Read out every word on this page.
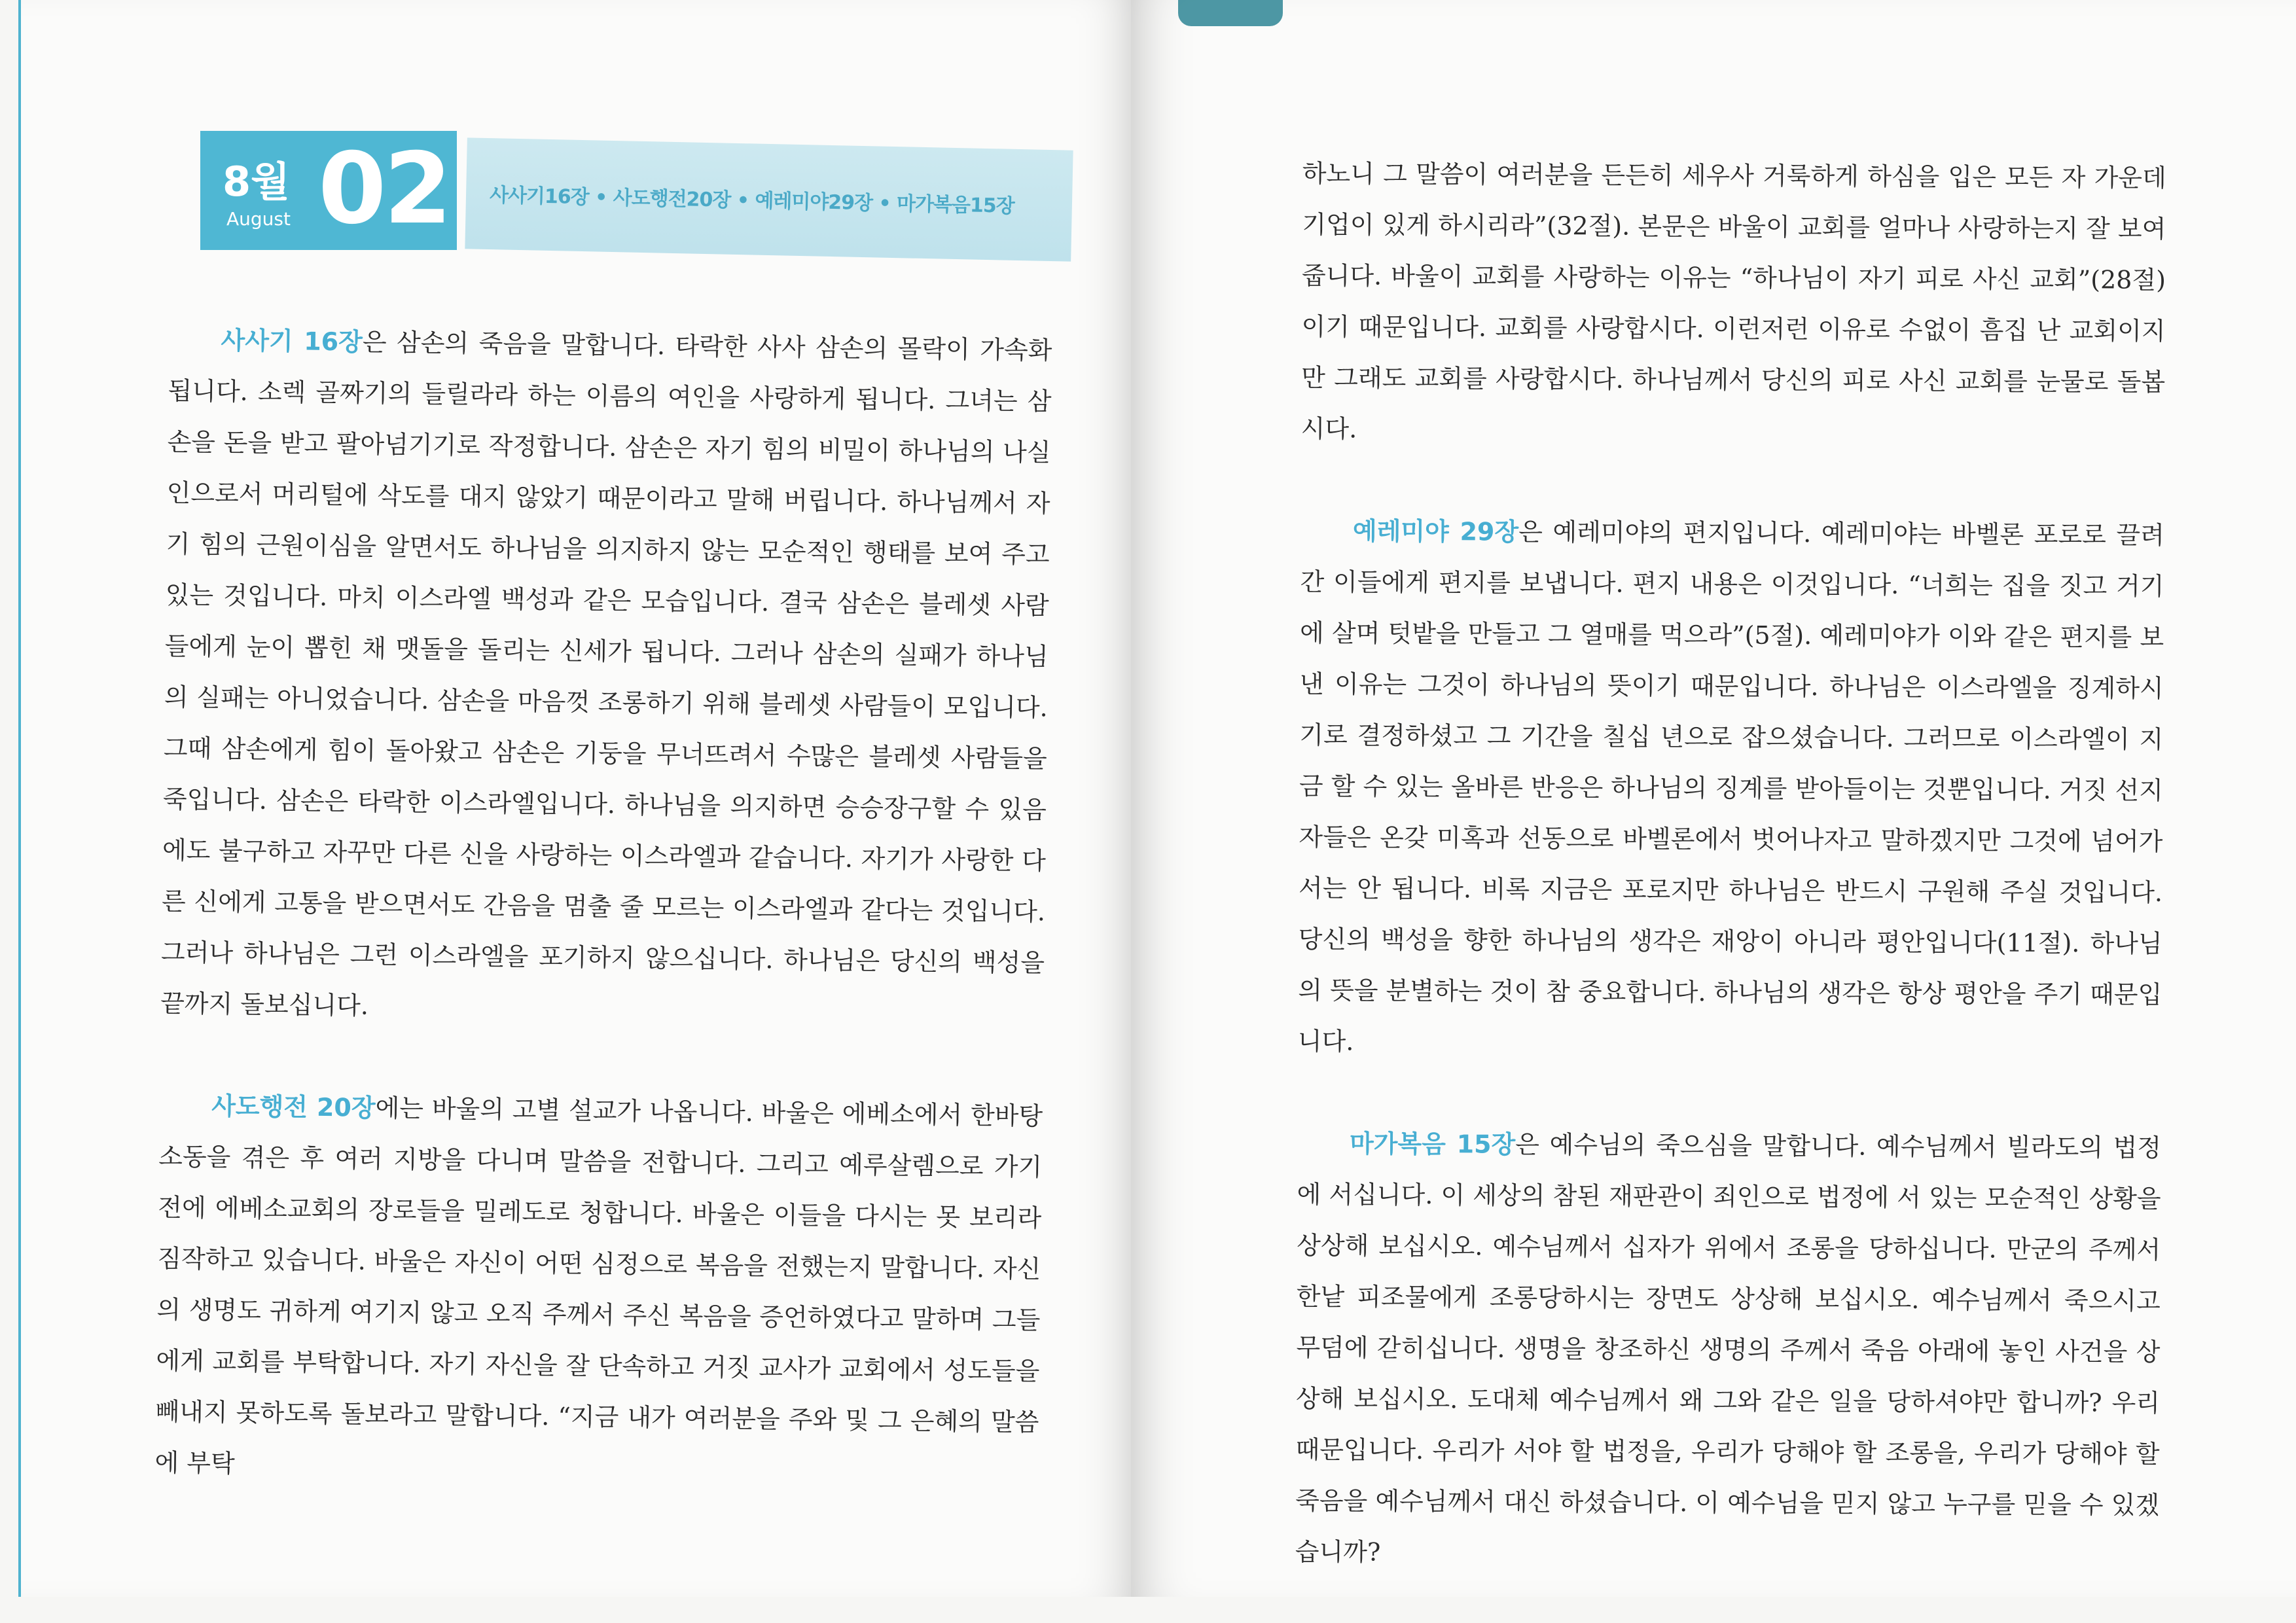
8월
August 02 사사기16장 • 사도행전20장 • 예레미야29장 • 마가복음15장

사사기 16장은 삼손의 죽음을 말합니다. 타락한 사사 삼손의 몰락이 가속화됩니다. 소렉 골짜기의 들릴라라 하는 이름의 여인을 사랑하게 됩니다. 그녀는 삼손을 돈을 받고 팔아넘기기로 작정합니다. 삼손은 자기 힘의 비밀이 하나님의 나실인으로서 머리털에 삭도를 대지 않았기 때문이라고 말해 버립니다. 하나님께서 자기 힘의 근원이심을 알면서도 하나님을 의지하지 않는 모순적인 행태를 보여 주고 있는 것입니다. 마치 이스라엘 백성과 같은 모습입니다. 결국 삼손은 블레셋 사람들에게 눈이 뽑힌 채 맷돌을 돌리는 신세가 됩니다. 그러나 삼손의 실패가 하나님의 실패는 아니었습니다. 삼손을 마음껏 조롱하기 위해 블레셋 사람들이 모입니다. 그때 삼손에게 힘이 돌아왔고 삼손은 기둥을 무너뜨려서 수많은 블레셋 사람들을 죽입니다. 삼손은 타락한 이스라엘입니다. 하나님을 의지하면 승승장구할 수 있음에도 불구하고 자꾸만 다른 신을 사랑하는 이스라엘과 같습니다. 자기가 사랑한 다른 신에게 고통을 받으면서도 간음을 멈출 줄 모르는 이스라엘과 같다는 것입니다. 그러나 하나님은 그런 이스라엘을 포기하지 않으십니다. 하나님은 당신의 백성을 끝까지 돌보십니다.

사도행전 20장에는 바울의 고별 설교가 나옵니다. 바울은 에베소에서 한바탕 소동을 겪은 후 여러 지방을 다니며 말씀을 전합니다. 그리고 예루살렘으로 가기 전에 에베소교회의 장로들을 밀레도로 청합니다. 바울은 이들을 다시는 못 보리라 짐작하고 있습니다. 바울은 자신이 어떤 심정으로 복음을 전했는지 말합니다. 자신의 생명도 귀하게 여기지 않고 오직 주께서 주신 복음을 증언하였다고 말하며 그들에게 교회를 부탁합니다. 자기 자신을 잘 단속하고 거짓 교사가 교회에서 성도들을 빼내지 못하도록 돌보라고 말합니다. “지금 내가 여러분을 주와 및 그 은혜의 말씀에 부탁

하노니 그 말씀이 여러분을 든든히 세우사 거룩하게 하심을 입은 모든 자 가운데 기업이 있게 하시리라”(32절). 본문은 바울이 교회를 얼마나 사랑하는지 잘 보여 줍니다. 바울이 교회를 사랑하는 이유는 “하나님이 자기 피로 사신 교회”(28절)이기 때문입니다. 교회를 사랑합시다. 이런저런 이유로 수없이 흠집 난 교회이지만 그래도 교회를 사랑합시다. 하나님께서 당신의 피로 사신 교회를 눈물로 돌봅시다.

예레미야 29장은 예레미야의 편지입니다. 예레미야는 바벨론 포로로 끌려간 이들에게 편지를 보냅니다. 편지 내용은 이것입니다. “너희는 집을 짓고 거기에 살며 텃밭을 만들고 그 열매를 먹으라”(5절). 예레미야가 이와 같은 편지를 보낸 이유는 그것이 하나님의 뜻이기 때문입니다. 하나님은 이스라엘을 징계하시기로 결정하셨고 그 기간을 칠십 년으로 잡으셨습니다. 그러므로 이스라엘이 지금 할 수 있는 올바른 반응은 하나님의 징계를 받아들이는 것뿐입니다. 거짓 선지자들은 온갖 미혹과 선동으로 바벨론에서 벗어나자고 말하겠지만 그것에 넘어가서는 안 됩니다. 비록 지금은 포로지만 하나님은 반드시 구원해 주실 것입니다. 당신의 백성을 향한 하나님의 생각은 재앙이 아니라 평안입니다(11절). 하나님의 뜻을 분별하는 것이 참 중요합니다. 하나님의 생각은 항상 평안을 주기 때문입니다.

마가복음 15장은 예수님의 죽으심을 말합니다. 예수님께서 빌라도의 법정에 서십니다. 이 세상의 참된 재판관이 죄인으로 법정에 서 있는 모순적인 상황을 상상해 보십시오. 예수님께서 십자가 위에서 조롱을 당하십니다. 만군의 주께서 한낱 피조물에게 조롱당하시는 장면도 상상해 보십시오. 예수님께서 죽으시고 무덤에 갇히십니다. 생명을 창조하신 생명의 주께서 죽음 아래에 놓인 사건을 상상해 보십시오. 도대체 예수님께서 왜 그와 같은 일을 당하셔야만 합니까? 우리 때문입니다. 우리가 서야 할 법정을, 우리가 당해야 할 조롱을, 우리가 당해야 할 죽음을 예수님께서 대신 하셨습니다. 이 예수님을 믿지 않고 누구를 믿을 수 있겠습니까?
